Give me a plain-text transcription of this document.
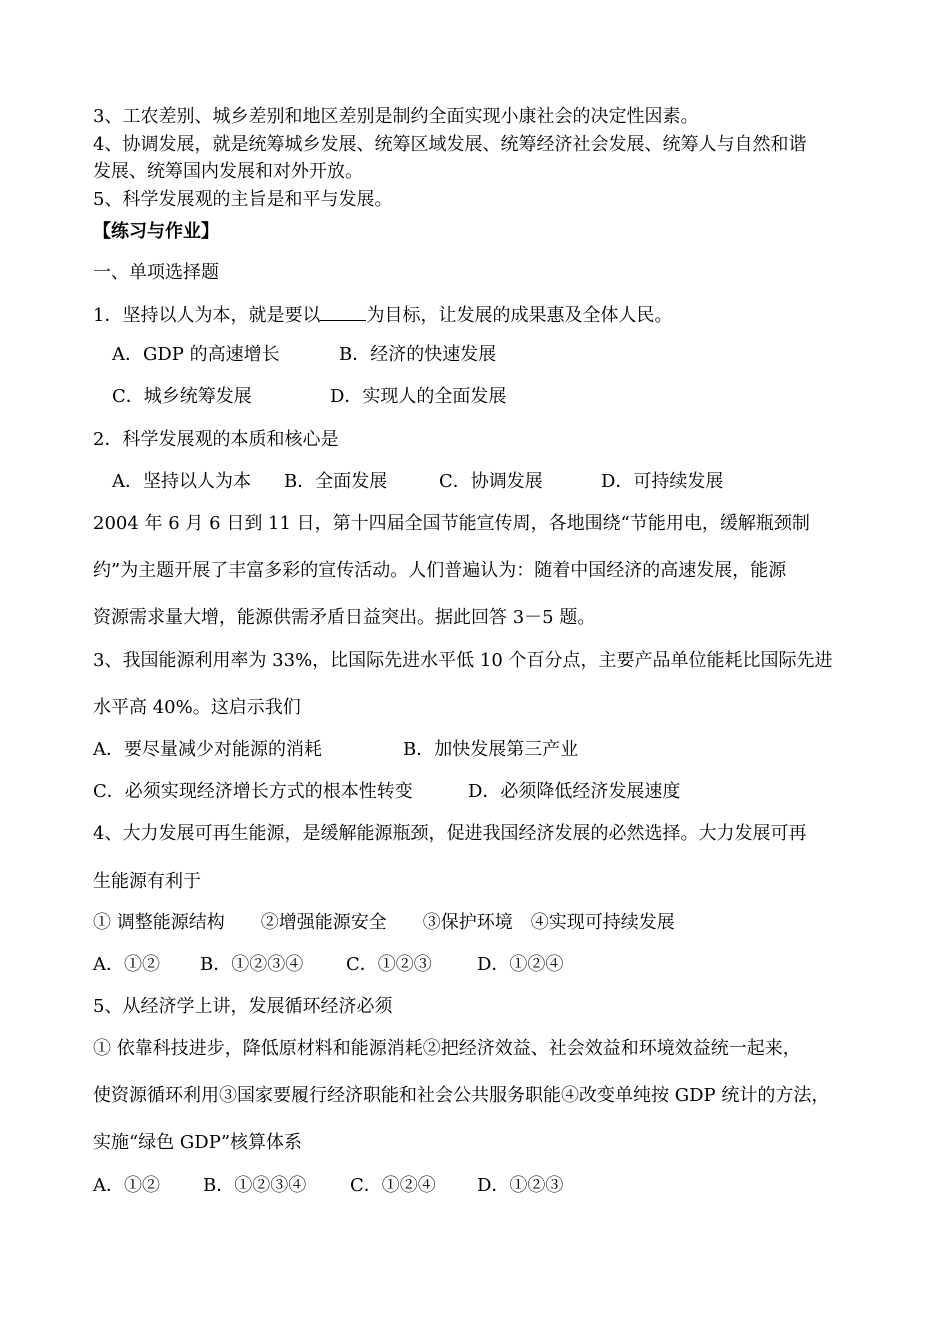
3、工农差别、城乡差别和地区差别是制约全面实现小康社会的决定性因素。
4、协调发展，就是统筹城乡发展、统筹区域发展、统筹经济社会发展、统筹人与自然和谐
发展、统筹国内发展和对外开放。
5、科学发展观的主旨是和平与发展。
【练习与作业】
一、单项选择题
1．坚持以人为本，就是要以	为目标，让发展的成果惠及全体人民。
A．GDP 的高速增长	B．经济的快速发展
C．城乡统筹发展	D．实现人的全面发展
2．科学发展观的本质和核心是
A．坚持以人为本 B．全面发展	C．协调发展	D．可持续发展
2004 年 6 月 6 日到 11 日，第十四届全国节能宣传周，各地围绕“节能用电，缓解瓶颈制
约”为主题开展了丰富多彩的宣传活动。人们普遍认为：随着中国经济的高速发展，能源
资源需求量大增，能源供需矛盾日益突出。据此回答 3－5 题。
3、我国能源利用率为 33%，比国际先进水平低 10 个百分点，主要产品单位能耗比国际先进
水平高 40%。这启示我们
A．要尽量减少对能源的消耗	B．加快发展第三产业
C．必须实现经济增长方式的根本性转变	D．必须降低经济发展速度
4、大力发展可再生能源，是缓解能源瓶颈，促进我国经济发展的必然选择。大力发展可再
生能源有利于
① 调整能源结构　　②增强能源安全　　③保护环境　④实现可持续发展
A．①② B．①②③④ C．①②③	D．①②④
5、从经济学上讲，发展循环经济必须
① 依靠科技进步，降低原材料和能源消耗②把经济效益、社会效益和环境效益统一起来，
使资源循环利用③国家要履行经济职能和社会公共服务职能④改变单纯按 GDP 统计的方法，
实施“绿色 GDP”核算体系
A．①② B．①②③④ C．①②④ D．①②③
